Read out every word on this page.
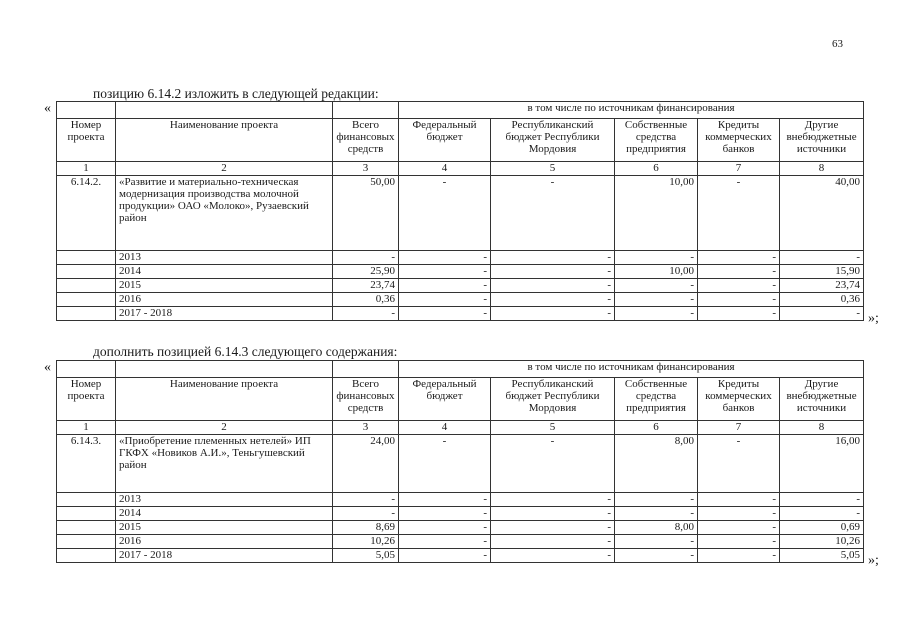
63
позицию 6.14.2 изложить в следующей редакции:
«
				в том числе по источникам финансирования				
Номер проекта	Наименование проекта	Всего финансовых средств	Федеральный бюджет	Республиканский бюджет Республики Мордовия	Собственные средства предприятия	Кредиты коммерческих банков	Другие внебюджетные источники
1	2	3	4	5	6	7	8
6.14.2.	«Развитие и материально-техническая модернизация производства молочной продукции» ОАО «Молоко», Рузаевский район	50,00	-	-	10,00	-	40,00
	2013	-	-	-	-	-	-
	2014	25,90	-	-	10,00	-	15,90
	2015	23,74	-	-	-	-	23,74
	2016	0,36	-	-	-	-	0,36
	2017 - 2018	-	-	-	-	-	- »;
дополнить позицией 6.14.3 следующего содержания:
«
				в том числе по источникам финансирования				
Номер проекта	Наименование проекта	Всего финансовых средств	Федеральный бюджет	Республиканский бюджет Республики Мордовия	Собственные средства предприятия	Кредиты коммерческих банков	Другие внебюджетные источники
1	2	3	4	5	6	7	8
6.14.3.	«Приобретение племенных нетелей» ИП ГКФХ «Новиков А.И.», Теньгушевский район	24,00	-	-	8,00	-	16,00
	2013	-	-	-	-	-	-
	2014	-	-	-	-	-	-
	2015	8,69	-	-	8,00	-	0,69
	2016	10,26	-	-	-	-	10,26
	2017 - 2018	5,05	-	-	-	-	5,05 »;
